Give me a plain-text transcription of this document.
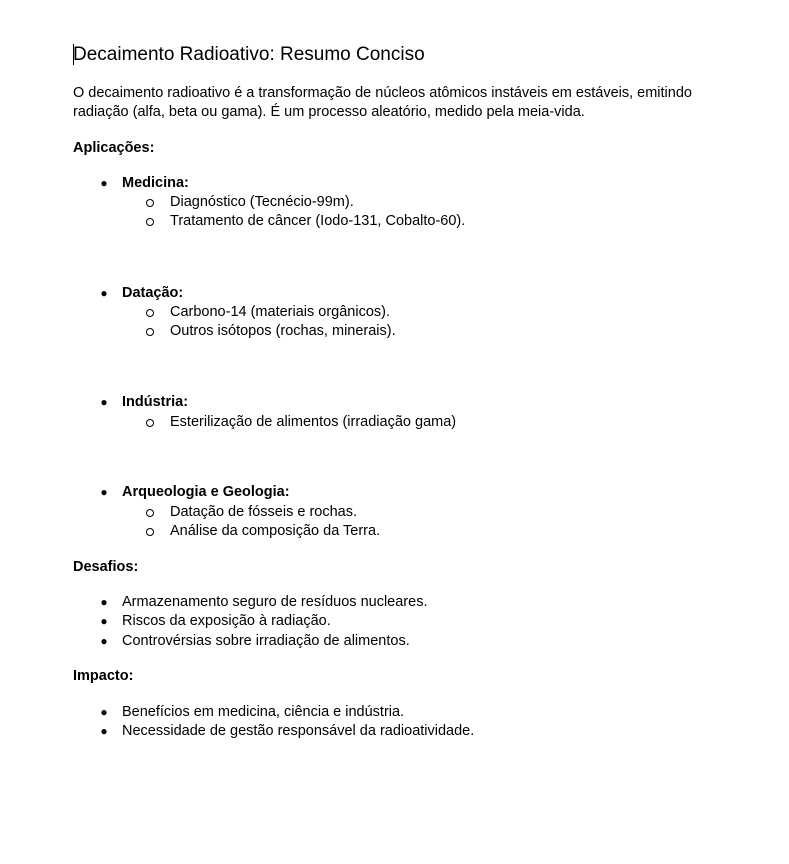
Decaimento Radioativo: Resumo Conciso
O decaimento radioativo é a transformação de núcleos atômicos instáveis em estáveis, emitindo radiação (alfa, beta ou gama). É um processo aleatório, medido pela meia-vida.
Aplicações:
● Medicina:
Diagnóstico (Tecnécio-99m).
Tratamento de câncer (Iodo-131, Cobalto-60).
● Datação:
Carbono-14 (materiais orgânicos).
Outros isótopos (rochas, minerais).
● Indústria:
Esterilização de alimentos (irradiação gama)
● Arqueologia e Geologia:
Datação de fósseis e rochas.
Análise da composição da Terra.
Desafios:
● Armazenamento seguro de resíduos nucleares.
● Riscos da exposição à radiação.
● Controvérsias sobre irradiação de alimentos.
Impacto:
● Benefícios em medicina, ciência e indústria.
● Necessidade de gestão responsável da radioatividade.
